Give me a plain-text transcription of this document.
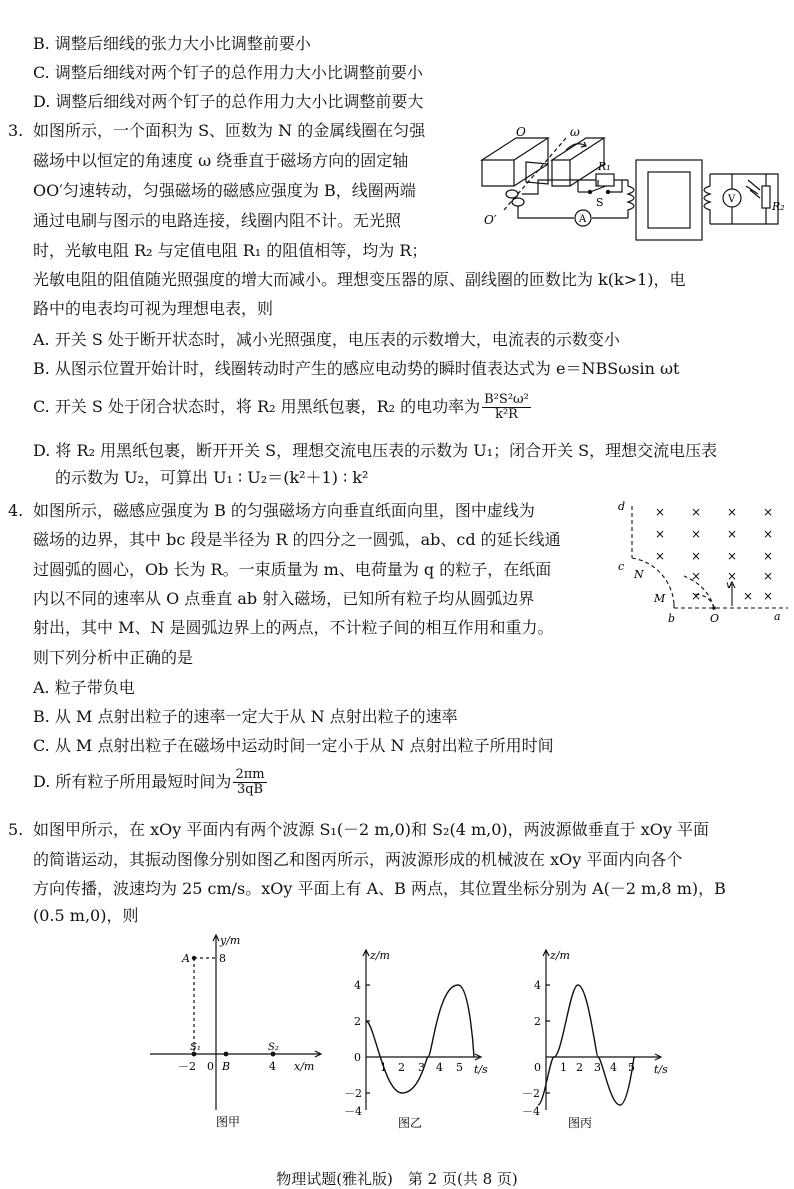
B. 调整后细线的张力大小比调整前要小
C. 调整后细线对两个钉子的总作用力大小比调整前要小
D. 调整后细线对两个钉子的总作用力大小比调整前要大
3. 如图所示，一个面积为 S、匝数为 N 的金属线圈在匀强
磁场中以恒定的角速度 ω 绕垂直于磁场方向的固定轴
OO′匀速转动，匀强磁场的磁感应强度为 B，线圈两端
通过电刷与图示的电路连接，线圈内阻不计。无光照
时，光敏电阻 R₂ 与定值电阻 R₁ 的阻值相等，均为 R；
光敏电阻的阻值随光照强度的增大而减小。理想变压器的原、副线圈的匝数比为 k(k>1)，电
路中的电表均可视为理想电表，则
A. 开关 S 处于断开状态时，减小光照强度，电压表的示数增大，电流表的示数变小
B. 从图示位置开始计时，线圈转动时产生的感应电动势的瞬时值表达式为 e＝NBSωsin ωt
C. 开关 S 处于闭合状态时，将 R₂ 用黑纸包裹，R₂ 的电功率为 $\frac{\text{B²S²ω²}}{\text{k²R}}$
D. 将 R₂ 用黑纸包裹，断开开关 S，理想交流电压表的示数为 U₁；闭合开关 S，理想交流电压表
的示数为 U₂，可算出 U₁ ∶ U₂＝(k²＋1) ∶ k²
O	ω
O′
R₁
S
A
V
R₂
4. 如图所示，磁感应强度为 B 的匀强磁场方向垂直纸面向里，图中虚线为
磁场的边界，其中 bc 段是半径为 R 的四分之一圆弧，ab、cd 的延长线通
过圆弧的圆心，Ob 长为 R。一束质量为 m、电荷量为 q 的粒子，在纸面
内以不同的速率从 O 点垂直 ab 射入磁场，已知所有粒子均从圆弧边界
射出，其中 M、N 是圆弧边界上的两点，不计粒子间的相互作用和重力。
则下列分析中正确的是
A. 粒子带负电
B. 从 M 点射出粒子的速率一定大于从 N 点射出粒子的速率
C. 从 M 点射出粒子在磁场中运动时间一定小于从 N 点射出粒子所用时间
D. 所有粒子所用最短时间为 $\frac{2\pi m}{3qB}$
× × × ×
× × × ×
× × × ×
× × ×
×	× ×
d
c
N
M
v
b	O	a
5. 如图甲所示，在 xOy 平面内有两个波源 S₁(－2 m,0)和 S₂(4 m,0)，两波源做垂直于 xOy 平面
的简谐运动，其振动图像分别如图乙和图丙所示，两波源形成的机械波在 xOy 平面内向各个
方向传播，波速均为 25 cm/s。xOy 平面上有 A、B 两点，其位置坐标分别为 A(－2 m,8 m)，B
(0.5 m,0)，则
y/m
x/m
A	8
S₁	S₂
－2 0 B	4
图甲
z/m
t/s
4
2
0
－2
－4
1 2 3 4 5
图乙
z/m
t/s
4
2
0
－2
－4
1 2 3 4 5
图丙
物理试题(雅礼版)　第 2 页(共 8 页)
